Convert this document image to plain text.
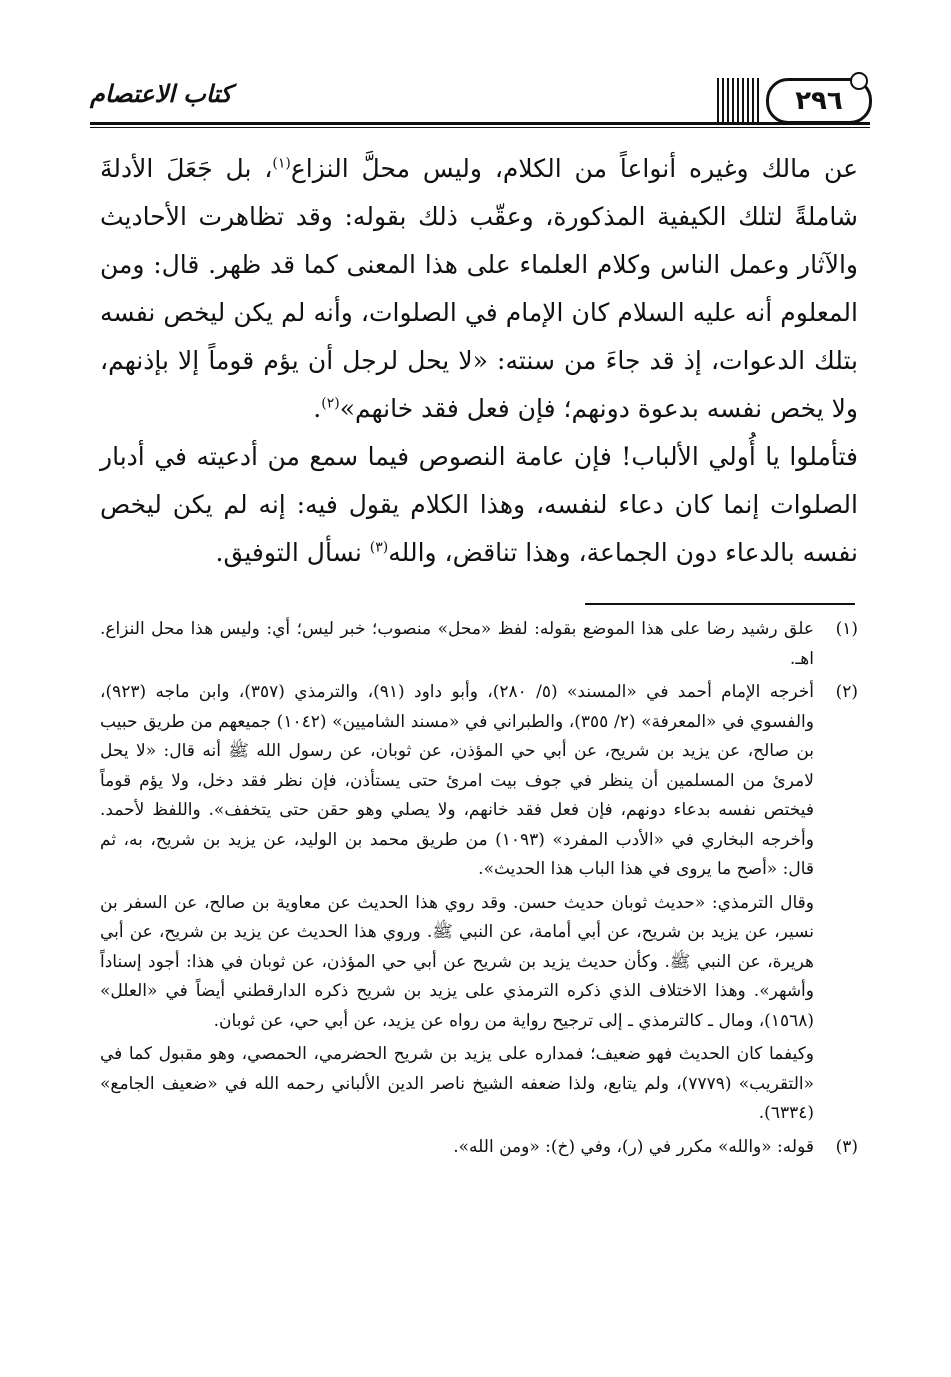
كتاب الاعتصام	٢٩٦

عن مالك وغيره أنواعاً من الكلام، وليس محلَّ النزاع$^{(١)}$، بل جَعَلَ الأدلةَ شاملةً لتلك الكيفية المذكورة، وعقّب ذلك بقوله: وقد تظاهرت الأحاديث والآثار وعمل الناس وكلام العلماء على هذا المعنى كما قد ظهر. قال: ومن المعلوم أنه عليه السلام كان الإمام في الصلوات، وأنه لم يكن ليخص نفسه بتلك الدعوات، إذ قد جاءَ من سنته: «لا يحل لرجل أن يؤم قوماً إلا بإذنهم، ولا يخص نفسه بدعوة دونهم؛ فإن فعل فقد خانهم»$^{(٢)}$.

فتأملوا يا أُولي الألباب! فإن عامة النصوص فيما سمع من أدعيته في أدبار الصلوات إنما كان دعاء لنفسه، وهذا الكلام يقول فيه: إنه لم يكن ليخص نفسه بالدعاء دون الجماعة، وهذا تناقض، والله$^{(٣)}$ نسأل التوفيق.

(١)

علق رشيد رضا على هذا الموضع بقوله: لفظ «محل» منصوب؛ خبر ليس؛ أي: وليس هذا محل النزاع. اهـ.

(٢)

أخرجه الإمام أحمد في «المسند» (٥/ ٢٨٠)، وأبو داود (٩١)، والترمذي (٣٥٧)، وابن ماجه (٩٢٣)، والفسوي في «المعرفة» (٢/ ٣٥٥)، والطبراني في «مسند الشاميين» (١٠٤٢) جميعهم من طريق حبيب بن صالح، عن يزيد بن شريح، عن أبي حي المؤذن، عن ثوبان، عن رسول الله ﷺ أنه قال: «لا يحل لامرئ من المسلمين أن ينظر في جوف بيت امرئ حتى يستأذن، فإن نظر فقد دخل، ولا يؤم قوماً فيختص نفسه بدعاء دونهم، فإن فعل فقد خانهم، ولا يصلي وهو حقن حتى يتخفف». واللفظ لأحمد. وأخرجه البخاري في «الأدب المفرد» (١٠٩٣) من طريق محمد بن الوليد، عن يزيد بن شريح، به، ثم قال: «أصح ما يروى في هذا الباب هذا الحديث».

وقال الترمذي: «حديث ثوبان حديث حسن. وقد روي هذا الحديث عن معاوية بن صالح، عن السفر بن نسير، عن يزيد بن شريح، عن أبي أمامة، عن النبي ﷺ. وروي هذا الحديث عن يزيد بن شريح، عن أبي هريرة، عن النبي ﷺ. وكأن حديث يزيد بن شريح عن أبي حي المؤذن، عن ثوبان في هذا: أجود إسناداً وأشهر». وهذا الاختلاف الذي ذكره الترمذي على يزيد بن شريح ذكره الدارقطني أيضاً في «العلل» (١٥٦٨)، ومال ـ كالترمذي ـ إلى ترجيح رواية من رواه عن يزيد، عن أبي حي، عن ثوبان.

وكيفما كان الحديث فهو ضعيف؛ فمداره على يزيد بن شريح الحضرمي، الحمصي، وهو مقبول كما في «التقريب» (٧٧٧٩)، ولم يتابع، ولذا ضعفه الشيخ ناصر الدين الألباني رحمه الله في «ضعيف الجامع» (٦٣٣٤).

(٣)

قوله: «والله» مكرر في (ر)، وفي (خ): «ومن الله».
